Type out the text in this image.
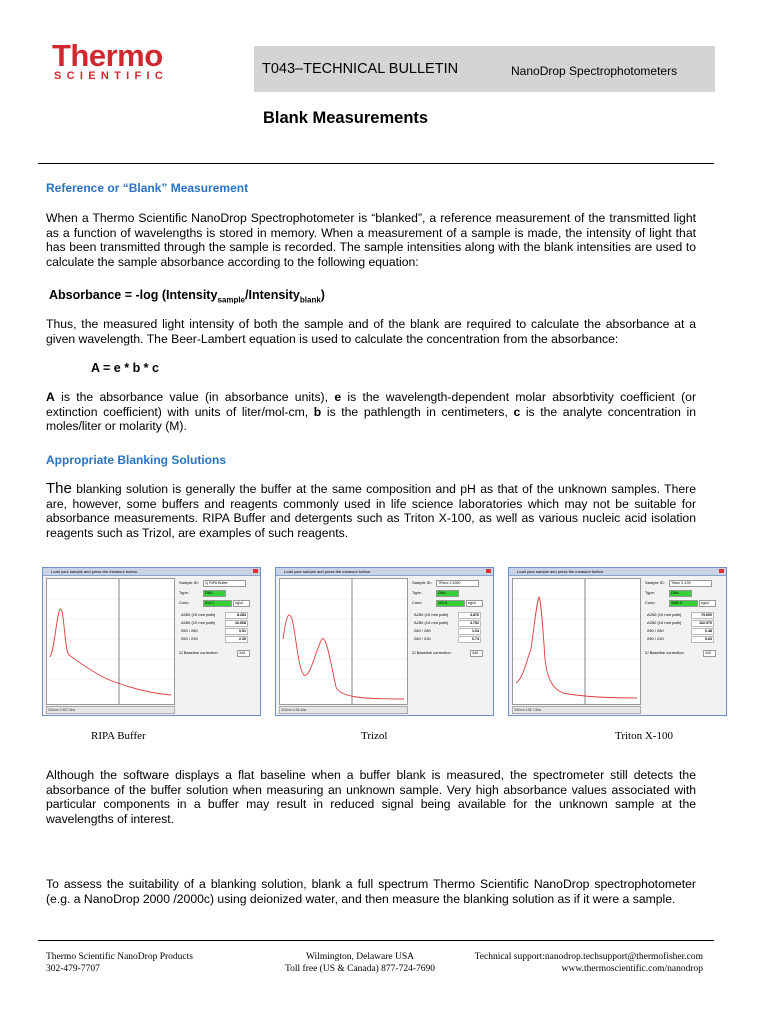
Thermo
SCIENTIFIC	T043–TECHNICAL BULLETIN	NanoDrop Spectrophotometers
Blank Measurements
Reference or “Blank” Measurement
When a Thermo Scientific NanoDrop Spectrophotometer is “blanked”, a reference measurement of the transmitted light as a function of wavelengths is stored in memory. When a measurement of a sample is made, the intensity of light that has been transmitted through the sample is recorded. The sample intensities along with the blank intensities are used to calculate the sample absorbance according to the following equation:
Absorbance = -log (Intensity$_{sample}$/Intensity$_{blank}$)
Thus, the measured light intensity of both the sample and of the blank are required to calculate the absorbance at a given wavelength. The Beer-Lambert equation is used to calculate the concentration from the absorbance:
A = e * b * c
A is the absorbance value (in absorbance units), e is the wavelength-dependent molar absorbtivity coefficient (or extinction coefficient) with units of liter/mol-cm, b is the pathlength in centimeters, c is the analyte concentration in moles/liter or molarity (M).
Appropriate Blanking Solutions
The blanking solution is generally the buffer at the same composition and pH as that of the unknown samples. There are, however, some buffers and reagents commonly used in life science laboratories which may not be suitable for absorbance measurements. RIPA Buffer and detergents such as Triton X-100, as well as various nucleic acid isolation reagents such as Trizol, are examples of such reagents.
Load your sample and press the measure button.
340nm 0.537 Abs
Sample ID:	1) RIPA Buffer
Type:	DNA
Conc:	414.1	ng/ul
A260 (10 mm path)	8.283
A280 (10 mm path)	16.608
260 / 280	0.51
260 / 230	2.39
☑ Baseline correction	340
Load your sample and press the measure button.
340nm 0.54 Abs
Sample ID:	TRIzol 1:1000
Type:	DNA
Conc:	193.8	ng/ul
A260 (10 mm path)	3.876
A280 (10 mm path)	3.702
260 / 280	1.04
260 / 230	0.74
☑ Baseline correction	340
Load your sample and press the measure button.
340nm 138.7 Abs
Sample ID:	Triton X-100
Type:	DNA
Conc:	3880.0	ng/ul
A260 (10 mm path)	79.600
A280 (10 mm path)	162.970
260 / 280	0.48
260 / 230	0.63
☑ Baseline correction	340
RIPA Buffer	Trizol	Triton X-100
Although the software displays a flat baseline when a buffer blank is measured, the spectrometer still detects the absorbance of the buffer solution when measuring an unknown sample. Very high absorbance values associated with particular components in a buffer may result in reduced signal being available for the unknown sample at the wavelengths of interest.
To assess the suitability of a blanking solution, blank a full spectrum Thermo Scientific NanoDrop spectrophotometer (e.g. a NanoDrop 2000 /2000c) using deionized water, and then measure the blanking solution as if it were a sample.
Thermo Scientific NanoDrop Products
302-479-7707
Wilmington, Delaware USA
Toll free (US & Canada) 877-724-7690
Technical support:nanodrop.techsupport@thermofisher.com
www.thermoscientific.com/nanodrop
